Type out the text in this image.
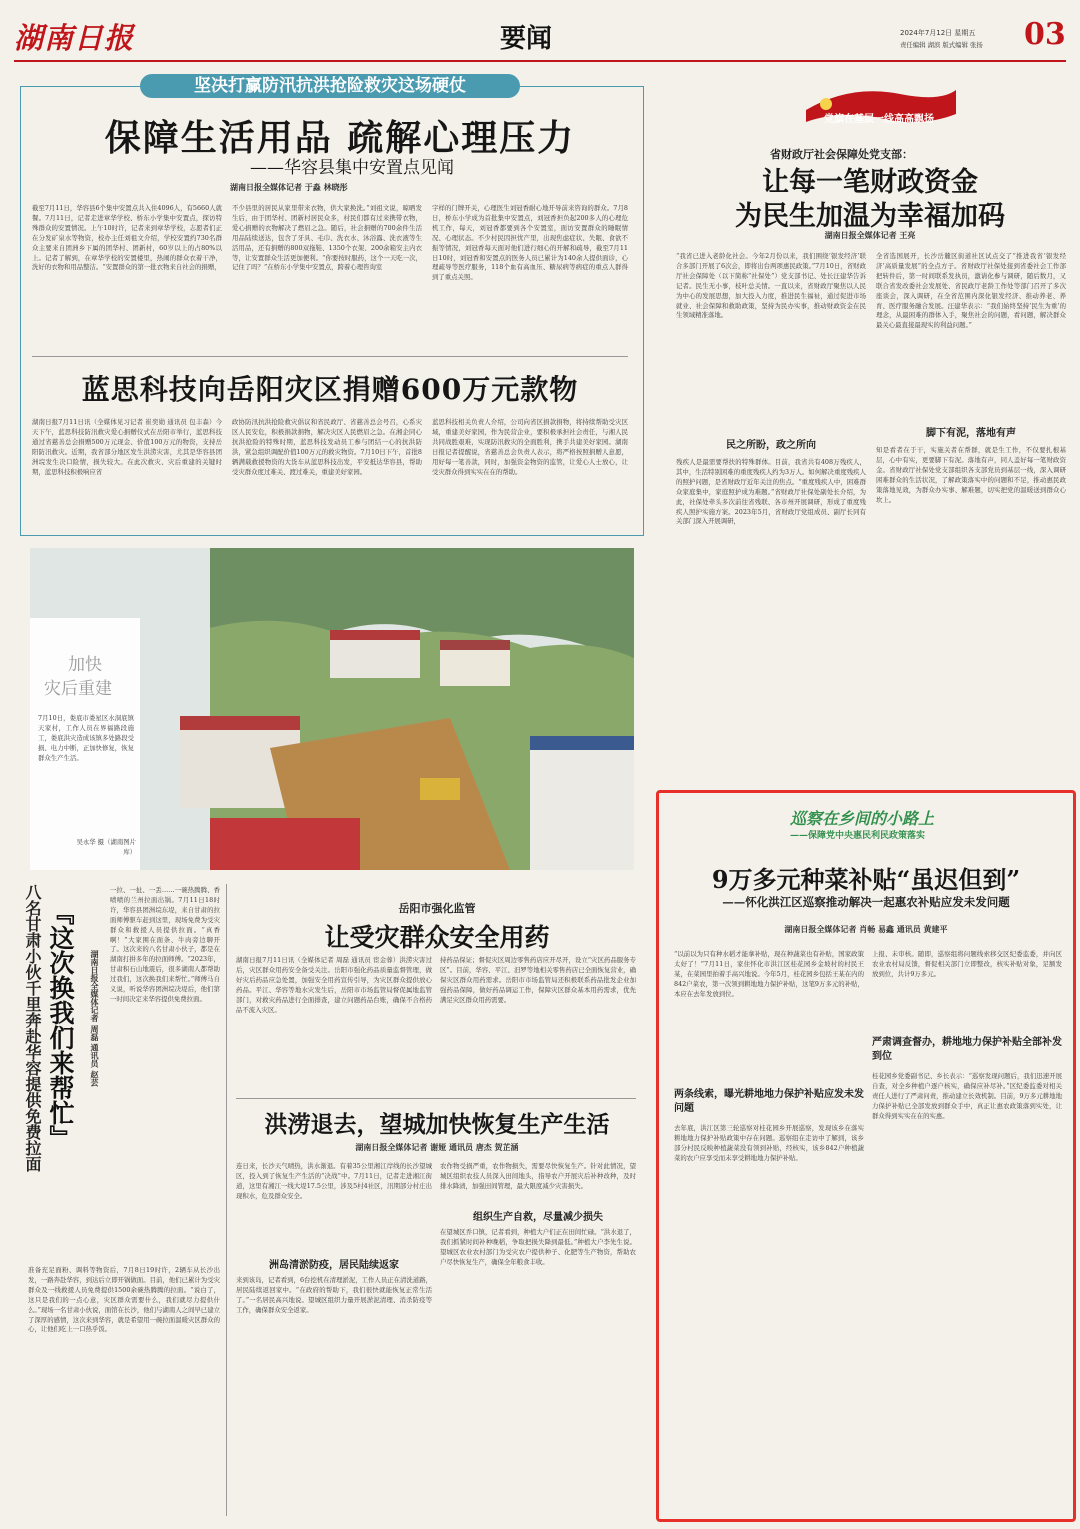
湖南日报	要闻	2024年7月12日 星期五
责任编辑 湖滨 版式编辑 张扬	03
坚决打赢防汛抗洪抢险救灾这场硬仗
保障生活用品 疏解心理压力
——华容县集中安置点见闻
湖南日报全媒体记者 于淼 林晓彤
截至7月11日，华容县6个集中安置点共入住4096人，有5660人就餐。7月11日，记者走进章华学校、桥东小学集中安置点，探访特殊群众的安置情况。上午10时许，记者来到章华学校，志愿者们正在分发矿泉水等物资，校办主任刘祖文介绍，学校安置约730名群众主要来自团洲乡下属的团华村、团新村，60岁以上的占80%以上。记者了解到，在章华学校的安置楼里，热闹的群众衣着干净，洗好的衣物和用品整洁。“安置群众的第一批衣物来自社会的捐赠，
不少县里的居民从家里带来衣物，供大家换洗。”刘祖文说，晾晒发生后，由于团华村、团新村居民众多，村民们都有过来携带衣物，爱心捐赠的衣物解决了燃眉之急。随后，社会捐赠的700余件生活用品陆续送达，包含了牙具、毛巾、洗衣水、沐浴露、洗衣液等生活用品，还有捐赠的800双拖鞋、1350个衣架、200余箱安主内衣等，让安置群众生活更加便利。“你要按时服药，这个一天吃一次，记住了吗？”在桥东小学集中安置点，跨着心理咨询室
字样的门牌开关，心理医生刘冠香耐心地开导前来咨询的群众。7月8日，桥东小学成为首批集中安置点，刘冠香担负起200多人的心理危机工作，每天，刘冠香都要到各个安置室，面访安置群众的睡眠情况、心理状态。不少村民因担忧产里，出现焦虑症状、失眠、食欲不振等情况，刘冠香每天面对他们进行细心的开解和疏导，截至7月11日10时，刘冠香和安置点的医务人员已累计为140余人提供面诊，心理疏导等医疗服务，118个血有高血压、糖尿病等病症的重点人群得到了重点关照。
蓝思科技向岳阳灾区捐赠600万元款物
湖南日报7月11日讯（全媒体见习记者 崔奕勋 通讯员 包丰森）今天下午，蓝思科技防汛救灾爱心捐赠仪式在岳阳市举行，蓝思科技通过省慈善总会捐赠500万元现金、价值100万元的物资，支持岳阳防汛救灾。近期，我省部分地区发生洪涝灾害，尤其是华容县团洲垸发生决口险情，损失较大。在此次救灾、灾后重建的关键时期，蓝思科技积极响应省
政协防汛抗洪抢险救灾倡议和省民政厅、省慈善总会号召，心系灾区人民安危，积极捐款捐物，解决灾区人民燃眉之急。在湘企同心抗洪抢险的特殊时期，蓝思科技发动员工参与团结一心的抗洪防洪，紧急组织调配价值100万元的救灾物资。7月10日下午，首批8辆满载救援物资的大货车从蓝思科技出发，平安抵达华容县，帮助受灾群众度过难关、渡过难关，重建美好家园。
蓝思科技相关负责人介绍，公司向省区捐款捐物，将持续帮助受灾区域，重建美好家园，作为民营企业，要积极承担社会责任，与湘人民共同战胜艰难，实现防汛救灾的全面胜利，携手共建美好家园。湖南日报记者提醒说，省慈善总会负责人表示，将严格按照捐赠人意愿，用好每一笔善款，同时，加强资金物资的监管，让爱心人士放心，让受灾群众得到实实在在的帮助。
加快
灾后重建
7月10日，娄底市娄星区水洞底镇天家村，工作人员在界福路段施工，娄底洪灾造成该镇多处路段受损、电力中断，正加快修复，恢复群众生产生活。
吴永华 摄（湖南图片库）
党旗在基层一线高高飘扬
省财政厅社会保障处党支部：
让每一笔财政资金
为民生加温为幸福加码
湖南日报全媒体记者 王亮
“我省已进入老龄化社会。今年2月份以来，我们围绕‘银发经济’联合多部门开展了6次会，即将出台两项惠民政策。”7月10日，省财政厅社会保障处（以下简称“社保处”）党支部书记、处长汪建华告诉记者。民生无小事，枝叶总关情。一直以来，省财政厅聚焦以人民为中心的发展思想，加大投入力度，推进民生福祉，通过促进市场就业、社会保障和救助政策，坚持为民办实事，推动财政资金在民生领域精准落地。
全省选国展开，长沙岳麓区街道社区试点交了“推进我省‘银发经济’高质量发展”的全点方子。省财政厅社保处接到省委社会工作部把转件后，第一时间联系发执员，激请化参与调研，随后数月，又联合省发改委社会发展处、省民政厅老龄工作处等部门召开了多次座谈会，深入调研，在全省范围内深化银发经济、推动养老、养育、医疗服务融合发展。汪建华表示：“我们始终坚持‘民生为重’的理念，从最困难的群体入手，聚焦社会的问题，看问题，解决群众最关心最直接最现实的利益问题。”
民之所盼，政之所向
脚下有泥，落地有声
残疾人是最需要帮扶的特殊群体。目前，我省共有408万残疾人，其中，生活特别困难的重度残疾人约为3万人。如何解决重度残疾人的照护问题，是省财政厅近年关注的焦点。“重度残疾人中，困难群众家庭集中，家庭照护成为难题。”省财政厅社保处副处长介绍，为此，社保处牵头多次前往省残联、各市州开展调研，形成了重度残疾人照护实施方案。2023年5月，省财政厅党组成员、副厅长同有关部门深入开展调研，
知是看者在于干，实施关者在帮群，就是生工作，不仅要扎根基层，心中有实，更要脚下有泥。落地有声，同人盖好每一笔财政资金。省财政厅社保处党支部组织各支部党员到基层一线，深入调研困难群众的生活状况，了解政策落实中的问题和不足，推动惠民政策落地见效，为群众办实事、解难题，切实把党的温暖送到群众心坎上。
八名甘肃小伙千里奔赴华容提供免费拉面 『这次换我们来帮忙』	湖南日报全媒体记者 周磊 通讯员 赵芸
一拉、一扯、一丢……一碗热腾腾、香喷喷的兰州拉面出锅。7月11日18时许，华容县团洲垸东堤，来自甘肃的拉面师傅驱车赶到这里，现场免费为受灾群众和救援人员提供拉面。“真香啊！”大家围在面条、牛肉旁边聊开了。这次来的八名甘肃小伙子，都是在湖南打拼多年的拉面师傅。“2023年，甘肃积石山地震后，很多湖南人都帮助过我们，这次换我们来帮忙。”师傅马自义说，听说华容团洲垸决堤后，他们第一时间决定来华容提供免费拉面。
准备充足面粉、调料等物资后，7月8日19时许，2辆车从长沙出发，一路奔赴华容，到达后立即开锅做面。目前，他们已累计为受灾群众及一线救援人员免费提供1500余碗热腾腾的拉面。“说白了，这只是我们的一点心意，灾区群众需要什么，我们就尽力提供什么。”现场一名甘肃小伙说，面馆在长沙，他们与湖南人之间早已建立了深厚的感情，这次来到华容，就是希望用一碗拉面温暖灾区群众的心，让他们吃上一口热乎饭。
岳阳市强化监管
让受灾群众安全用药
湖南日报7月11日讯（全媒体记者 周磊 通讯员 宦金蓉）洪涝灾害过后，灾区群众用药安全备受关注。岳阳市强化药品质量监督管理，做好灾后药品应急处置，加强安全用药宣传引导，为灾区群众提供放心药品。平江、华容等地水灾发生后，岳阳市市场监管局督促属地监管部门，对救灾药品进行全面排查，建立问题药品台账，确保不合格药品不流入灾区。
持药品保证；督促灾区周边零售药店应开尽开，设立“灾区药品服务专区”。目前，华容、平江、汨罗等地相关零售药店已全面恢复营业，确保灾区群众用药需求。岳阳市市场监管局还积极联系药品批发企业加强药品保障，做好药品调运工作，保障灾区群众基本用药需求，优先满足灾区群众用药需要。
洪涝退去，望城加快恢复生产生活
湖南日报全媒体记者 谢娅 通讯员 唐杰 贺芷涵
连日来，长沙天气晴热，洪水渐退。有着35公里湘江岸线的长沙望城区，投入到了恢复生产生活的“决战”中。7月11日，记者走进湘江街道，这里有湘江一线大堤17.5公里，涉及5村4社区，汛期部分村庄出现积水，危及群众安全。
洲岛清淤防疫，居民陆续返家
来到该岛，记者看到，6台挖机在清理淤泥，工作人员正在清洗道路，居民陆续返回家中。“在政府的帮助下，我们很快就能恢复正常生活了。”一名居民高兴地说。望城区组织力量开展淤泥清理、消杀防疫等工作，确保群众安全返家。
农作物受损严重，农作物损失，需要尽快恢复生产。针对此情况，望城区组织农技人员深入田间地头，指导农户开展灾后补种改种，及时排水降渍，加强田间管理，最大限度减少灾害损失。
组织生产自救，尽量减少损失
在望城区乔口镇，记者看到，种植大户们正在田间忙碌。“洪水退了，我们抓紧时间补种晚稻，争取把损失降到最低。”种植大户李先生说。望城区农业农村部门为受灾农户提供种子、化肥等生产物资，帮助农户尽快恢复生产，确保全年粮食丰收。
巡察在乡间的小路上
——保障党中央惠民利民政策落实
9万多元种菜补贴“虽迟但到”
——怀化洪江区巡察推动解决一起惠农补贴应发未发问题
湖南日报全媒体记者 肖畅 易鑫 通讯员 黄建平
“以前以为只有种水稻才能拿补贴，现在种蔬菜也有补贴，国家政策太好了！”7月11日，家住怀化市洪江区桂花园乡金坡村的村民王某，在菜园里拍着手高兴地说。今年5月，桂花园乡包括王某在内的842户菜农，第一次领到耕地地力保护补贴，这笔9万多元的补贴，本应在去年发放到位。
两条线索，曝光耕地地力保护补贴应发未发问题
去年底，洪江区第三轮巡察对桂花园乡开展巡察，发现该乡在落实耕地地力保护补贴政策中存在问题。巡察组在走访中了解到，该乡部分村民反映种植蔬菜没有领到补贴，经核实，该乡842户种植蔬菜的农户应享受而未享受耕地地力保护补贴。
上报、未审核。随即，巡察组将问题线索移交区纪委监委，并向区农业农村局反馈，督促相关部门立即整改，核实补贴对象，足额发放到位，共计9万多元。
严肃调查督办，耕地地力保护补贴全部补发到位
桂花园乡党委副书记、乡长表示：“巡察发现问题后，我们迅速开展自查，对全乡种植户逐户核实，确保应补尽补。”区纪委监委对相关责任人进行了严肃问责，推动建立长效机制。目前，9万多元耕地地力保护补贴已全部发放到群众手中，真正让惠农政策落到实处，让群众得到实实在在的实惠。
